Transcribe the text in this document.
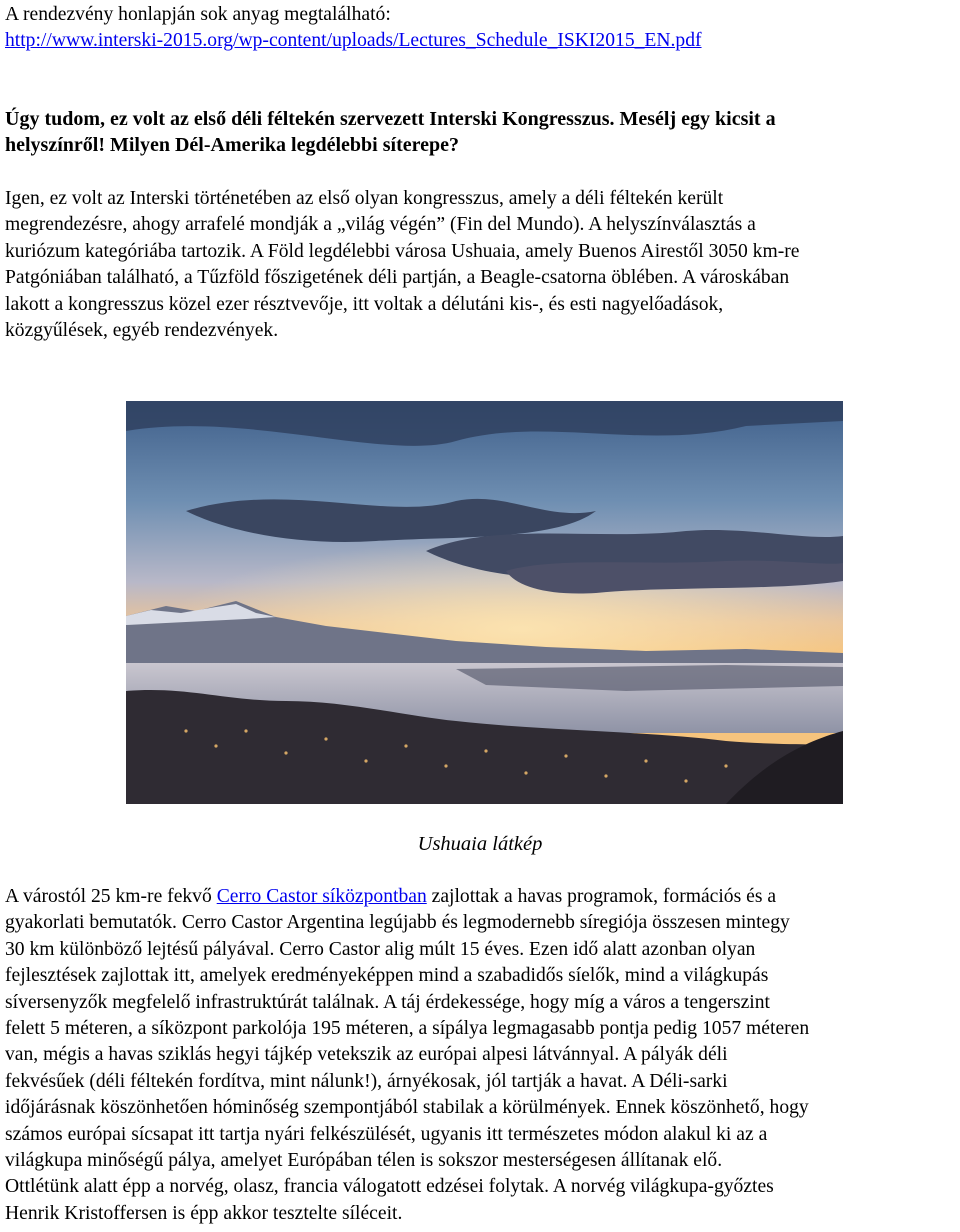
A rendezvény honlapján sok anyag megtalálható:

http://www.interski-2015.org/wp-content/uploads/Lectures_Schedule_ISKI2015_EN.pdf

Úgy tudom, ez volt az első déli féltekén szervezett Interski Kongresszus. Mesélj egy kicsit a

helyszínről! Milyen Dél-Amerika legdélebbi síterepe?

Igen, ez volt az Interski történetében az első olyan kongresszus, amely a déli féltekén került

megrendezésre, ahogy arrafelé mondják a „világ végén” (Fin del Mundo). A helyszínválasztás a

kuriózum kategóriába tartozik. A Föld legdélebbi városa Ushuaia, amely Buenos Airestől 3050 km-re

Patgóniában található, a Tűzföld főszigetének déli partján, a Beagle-csatorna öblében. A városkában

lakott a kongresszus közel ezer résztvevője, itt voltak a délutáni kis-, és esti nagyelőadások,

közgyűlések, egyéb rendezvények.

Ushuaia látkép

A várostól 25 km-re fekvő Cerro Castor síközpontban zajlottak a havas programok, formációs és a

gyakorlati bemutatók. Cerro Castor Argentina legújabb és legmodernebb síregiója összesen mintegy

30 km különböző lejtésű pályával. Cerro Castor alig múlt 15 éves. Ezen idő alatt azonban olyan

fejlesztések zajlottak itt, amelyek eredményeképpen mind a szabadidős síelők, mind a világkupás

síversenyzők megfelelő infrastruktúrát találnak. A táj érdekessége, hogy míg a város a tengerszint

felett 5 méteren, a síközpont parkolója 195 méteren, a sípálya legmagasabb pontja pedig 1057 méteren

van, mégis a havas sziklás hegyi tájkép vetekszik az európai alpesi látvánnyal. A pályák déli

fekvésűek (déli féltekén fordítva, mint nálunk!), árnyékosak, jól tartják a havat. A Déli-sarki

időjárásnak köszönhetően hóminőség szempontjából stabilak a körülmények. Ennek köszönhető, hogy

számos európai sícsapat itt tartja nyári felkészülését, ugyanis itt természetes módon alakul ki az a

világkupa minőségű pálya, amelyet Európában télen is sokszor mesterségesen állítanak elő.

Ottlétünk alatt épp a norvég, olasz, francia válogatott edzései folytak. A norvég világkupa-győztes

Henrik Kristoffersen is épp akkor tesztelte síléceit.
